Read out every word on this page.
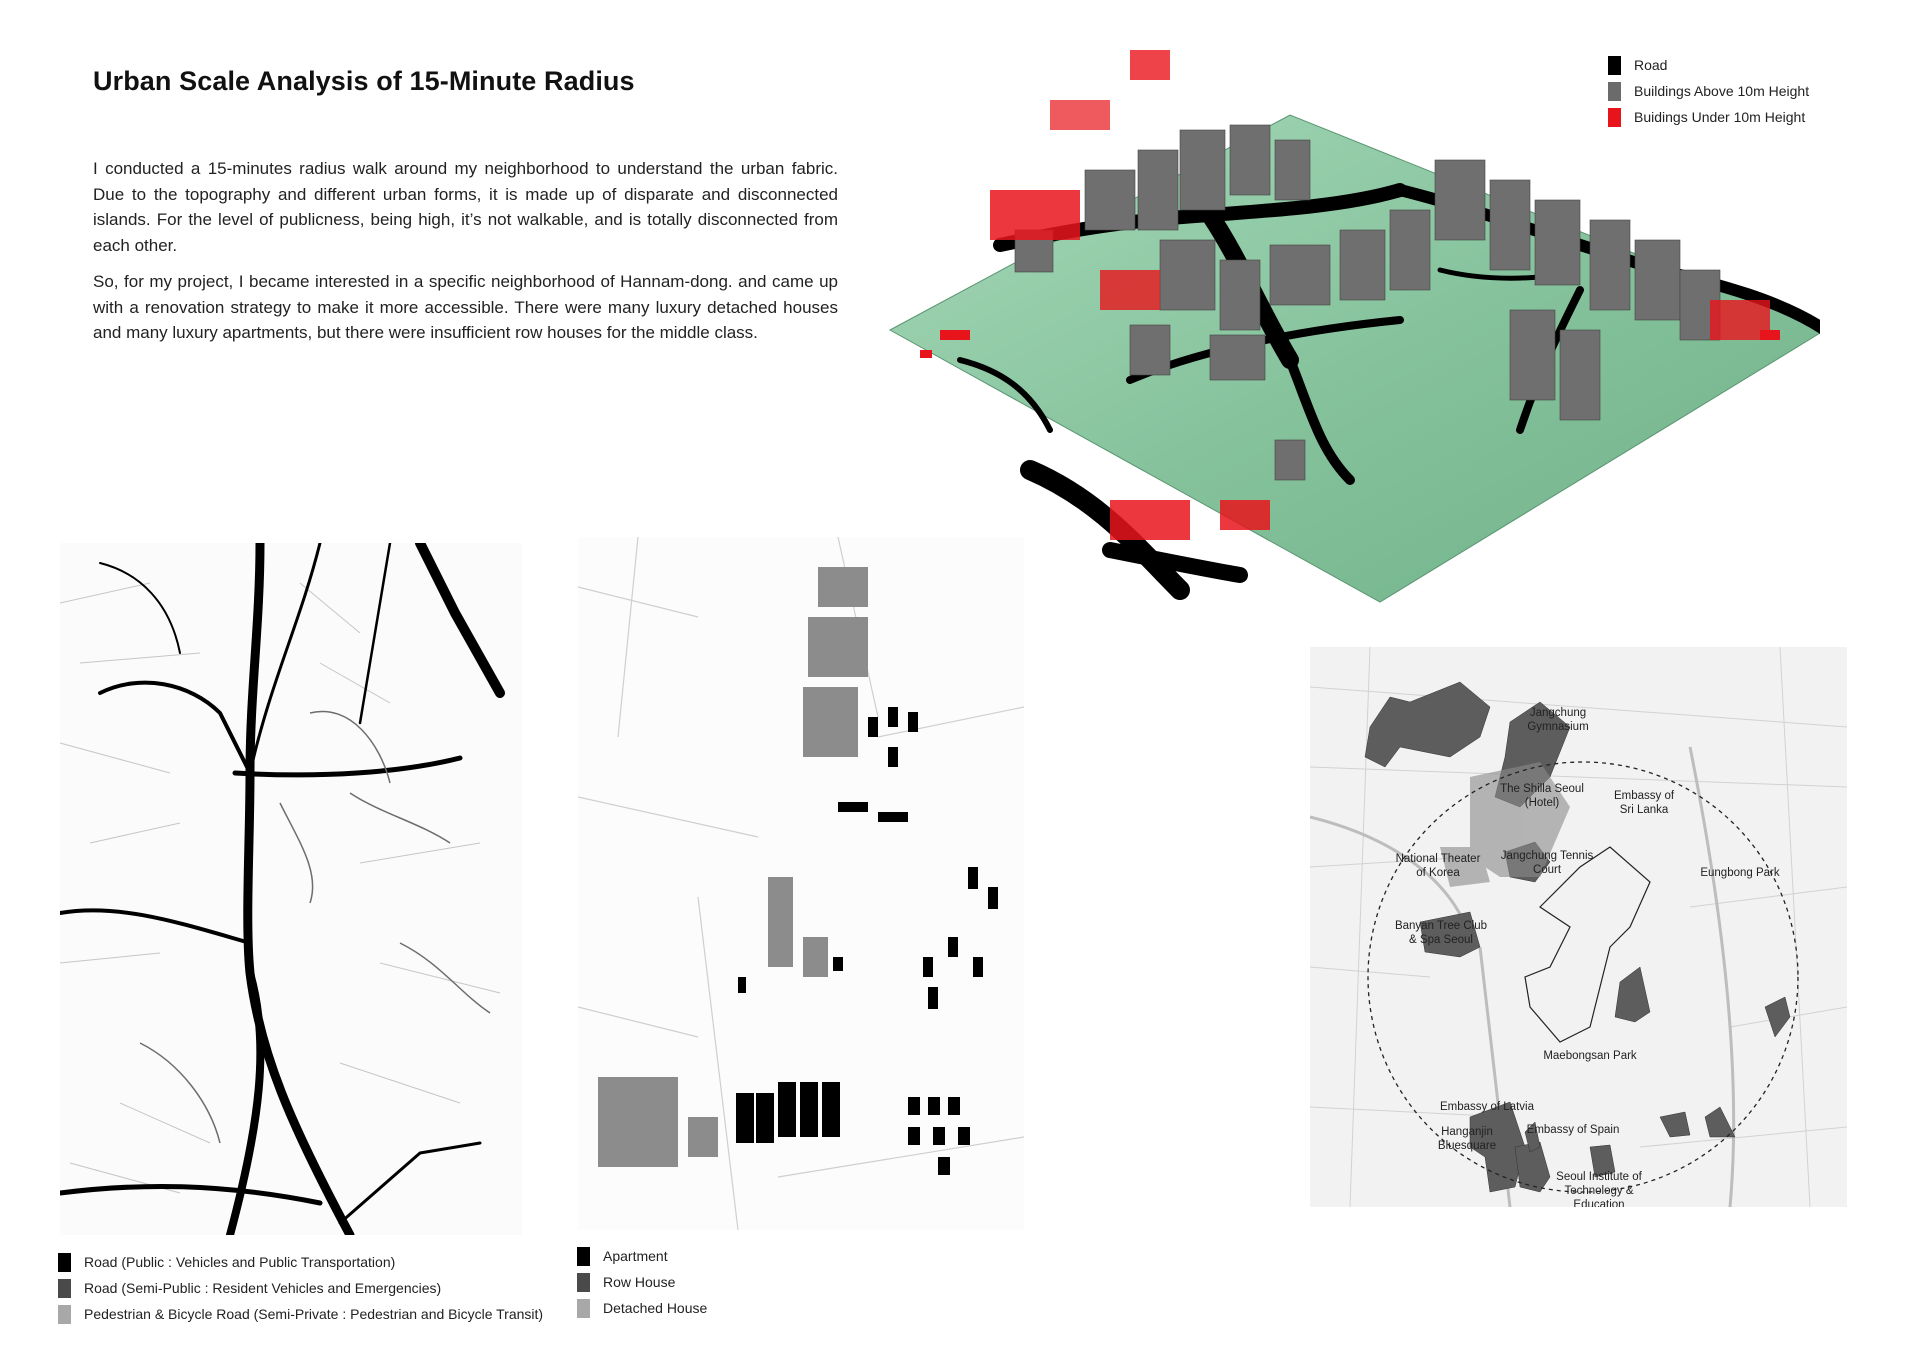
Urban Scale Analysis of 15-Minute Radius

I conducted a 15-minutes radius walk around my neighborhood to understand the urban fabric. Due to the topography and different urban forms, it is made up of disparate and disconnected islands. For the level of publicness, being high, it’s not walkable, and is totally disconnected from each other.

So, for my project, I became interested in a specific neighborhood of Hannam-dong. and came up with a renovation strategy to make it more accessible. There were many luxury detached houses and many luxury apartments, but there were insufficient row houses for the middle class.

Road
Buildings Above 10m Height
Buidings Under 10m Height
Road (Public : Vehicles and Public Transportation)
Road (Semi-Public : Resident Vehicles and Emergencies)
Pedestrian & Bicycle Road (Semi-Private : Pedestrian and Bicycle Transit)
Apartment
Row House
Detached House
Jangchung Gymnasium
The Shilla Seoul (Hotel)
Embassy of Sri Lanka
National Theater of Korea
Jangchung Tennis Court	Eungbong Park
Banyan Tree Club & Spa Seoul
Maebongsan Park
Embassy of Latvia
Hanganjin Bluesquare
Embassy of Spain
Seoul Institute of Technology & Education
